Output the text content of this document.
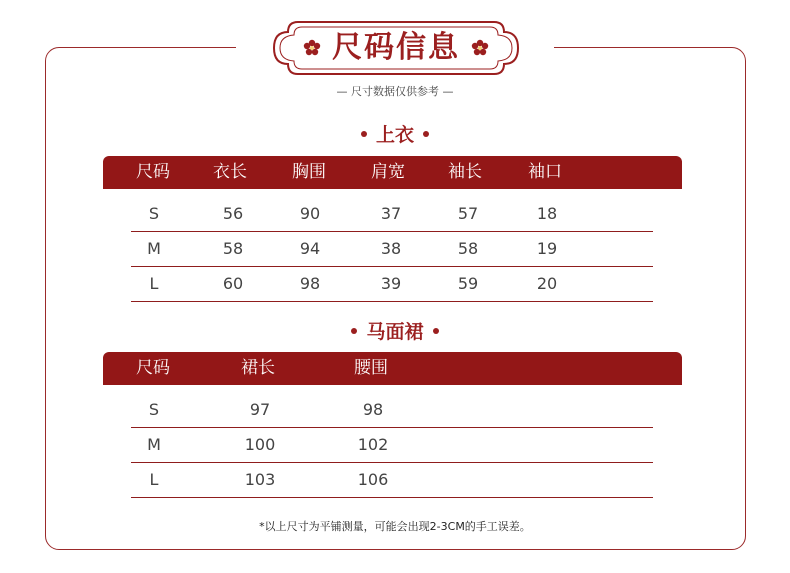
尺码信息
— 尺寸数据仅供参考 —
上衣
尺码	衣长	胸围	肩宽	袖长	袖口
S	56	90	37	57	18
M	58	94	38	58	19
L	60	98	39	59	20
马面裙
尺码	裙长	腰围
S	97	98
M	100	102
L	103	106
*以上尺寸为平铺测量，可能会出现2-3CM的手工误差。
